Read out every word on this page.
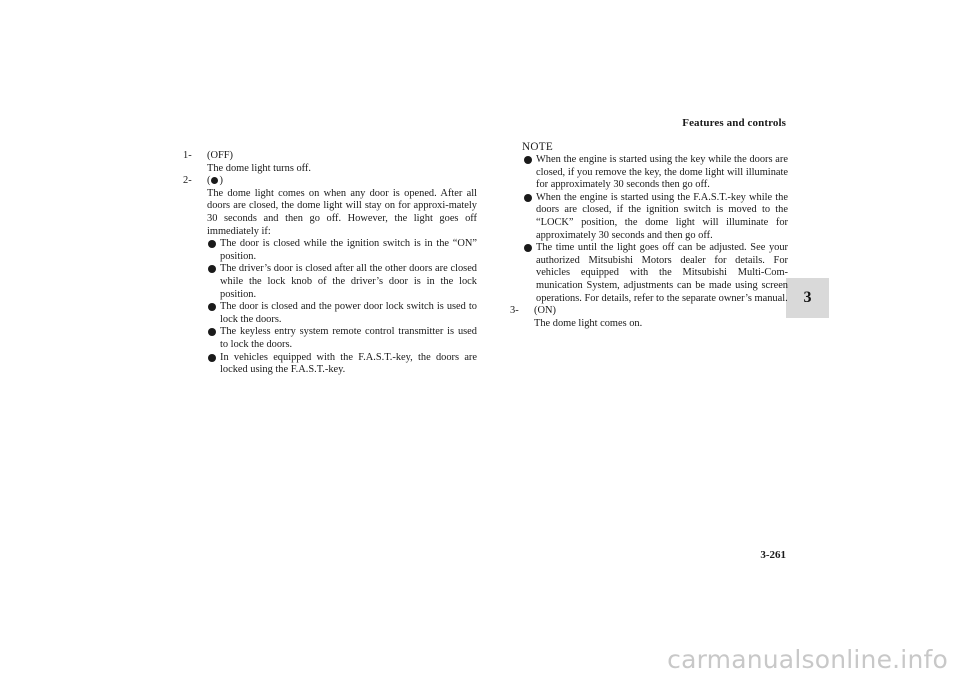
Features and controls
3
1- (OFF)
The dome light turns off.
2- ( )
The dome light comes on when any door is opened. After all doors are closed, the dome light will stay on for approxi-mately 30 seconds and then go off. However, the light goes off immediately if:
The door is closed while the ignition switch is in the “ON” position.
The driver’s door is closed after all the other doors are closed while the lock knob of the driver’s door is in the lock position.
The door is closed and the power door lock switch is used to lock the doors.
The keyless entry system remote control transmitter is used to lock the doors.
In vehicles equipped with the F.A.S.T.-key, the doors are locked using the F.A.S.T.-key.
NOTE
When the engine is started using the key while the doors are closed, if you remove the key, the dome light will illuminate for approximately 30 seconds then go off.
When the engine is started using the F.A.S.T.-key while the doors are closed, if the ignition switch is moved to the “LOCK” position, the dome light will illuminate for approximately 30 seconds and then go off.
The time until the light goes off can be adjusted. See your authorized Mitsubishi Motors dealer for details. For vehicles equipped with the Mitsubishi Multi-Com-munication System, adjustments can be made using screen operations. For details, refer to the separate owner’s manual.
3- (ON)
The dome light comes on.
3-261
carmanualsonline.info
